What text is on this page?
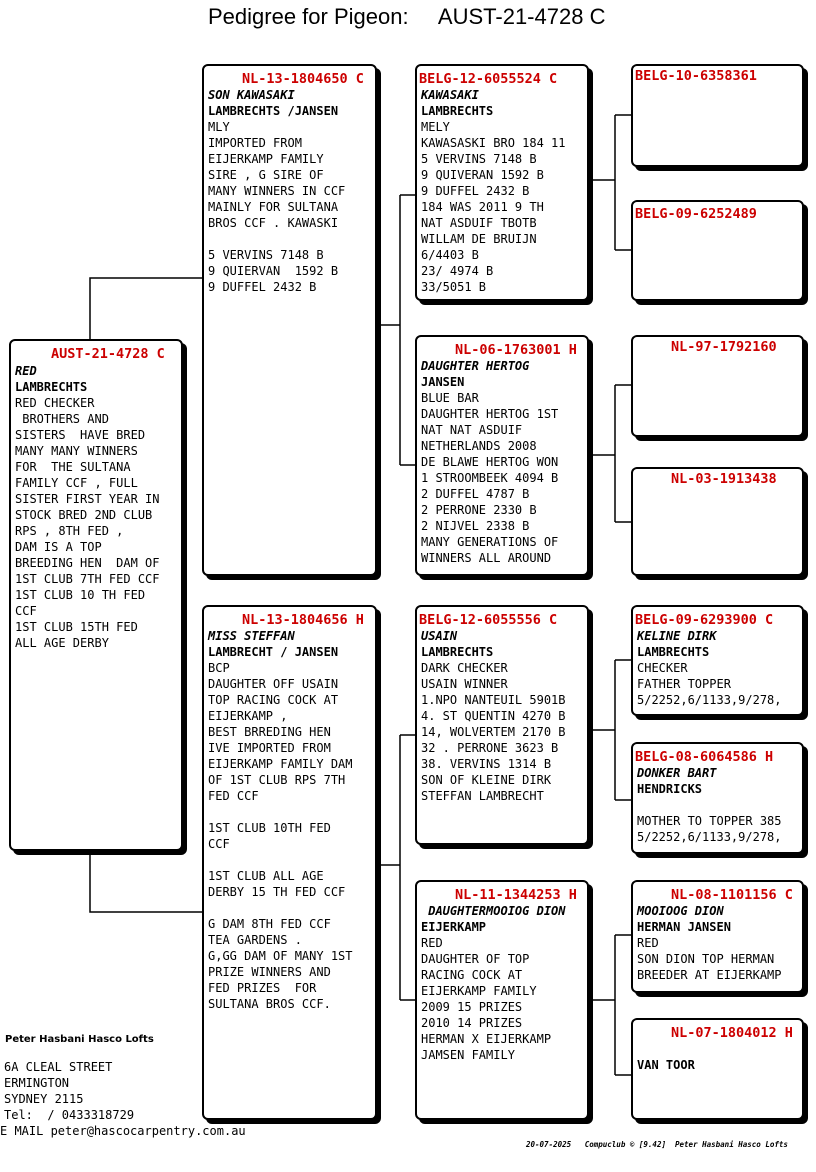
Pedigree for Pigeon:     AUST-21-4728 C
AUST-21-4728 C
RED
LAMBRECHTS
RED CHECKER
BROTHERS AND
SISTERS  HAVE BRED
MANY MANY WINNERS
FOR  THE SULTANA
FAMILY CCF , FULL
SISTER FIRST YEAR IN
STOCK BRED 2ND CLUB
RPS , 8TH FED ,
DAM IS A TOP
BREEDING HEN  DAM OF
1ST CLUB 7TH FED CCF
1ST CLUB 10 TH FED
CCF
1ST CLUB 15TH FED
ALL AGE DERBY
NL-13-1804650 C
SON KAWASAKI
LAMBRECHTS /JANSEN
MLY
IMPORTED FROM
EIJERKAMP FAMILY
SIRE , G SIRE OF
MANY WINNERS IN CCF
MAINLY FOR SULTANA
BROS CCF . KAWASKI

5 VERVINS 7148 B
9 QUIERVAN  1592 B
9 DUFFEL 2432 B
NL-13-1804656 H
MISS STEFFAN
LAMBRECHT / JANSEN
BCP
DAUGHTER OFF USAIN
TOP RACING COCK AT
EIJERKAMP ,
BEST BRREDING HEN
IVE IMPORTED FROM
EIJERKAMP FAMILY DAM
OF 1ST CLUB RPS 7TH
FED CCF

1ST CLUB 10TH FED
CCF

1ST CLUB ALL AGE
DERBY 15 TH FED CCF

G DAM 8TH FED CCF
TEA GARDENS .
G,GG DAM OF MANY 1ST
PRIZE WINNERS AND
FED PRIZES  FOR
SULTANA BROS CCF.
BELG-12-6055524 C
KAWASAKI
LAMBRECHTS
MELY
KAWASASKI BRO 184 11
5 VERVINS 7148 B
9 QUIVERAN 1592 B
9 DUFFEL 2432 B
184 WAS 2011 9 TH
NAT ASDUIF TBOTB
WILLAM DE BRUIJN
6/4403 B
23/ 4974 B
33/5051 B
NL-06-1763001 H
DAUGHTER HERTOG
JANSEN
BLUE BAR
DAUGHTER HERTOG 1ST
NAT NAT ASDUIF
NETHERLANDS 2008
DE BLAWE HERTOG WON
1 STROOMBEEK 4094 B
2 DUFFEL 4787 B
2 PERRONE 2330 B
2 NIJVEL 2338 B
MANY GENERATIONS OF
WINNERS ALL AROUND
BELG-12-6055556 C
USAIN
LAMBRECHTS
DARK CHECKER
USAIN WINNER
1.NPO NANTEUIL 5901B
4. ST QUENTIN 4270 B
14, WOLVERTEM 2170 B
32 . PERRONE 3623 B
38. VERVINS 1314 B
SON OF KLEINE DIRK
STEFFAN LAMBRECHT
NL-11-1344253 H
DAUGHTERMOOIOG DION
EIJERKAMP
RED
DAUGHTER OF TOP
RACING COCK AT
EIJERKAMP FAMILY
2009 15 PRIZES
2010 14 PRIZES
HERMAN X EIJERKAMP
JAMSEN FAMILY
BELG-10-6358361
BELG-09-6252489
NL-97-1792160
NL-03-1913438
BELG-09-6293900 C
KELINE DIRK
LAMBRECHTS
CHECKER
FATHER TOPPER
5/2252,6/1133,9/278,
BELG-08-6064586 H
DONKER BART
HENDRICKS

MOTHER TO TOPPER 385
5/2252,6/1133,9/278,
NL-08-1101156 C
MOOIOOG DION
HERMAN JANSEN
RED
SON DION TOP HERMAN
BREEDER AT EIJERKAMP
NL-07-1804012 H

VAN TOOR
Peter Hasbani Hasco Lofts
6A CLEAL STREET
ERMINGTON
SYDNEY 2115
Tel:  / 0433318729
E MAIL peter@hascocarpentry.com.au
20-07-2025   Compuclub © [9.42]  Peter Hasbani Hasco Lofts
